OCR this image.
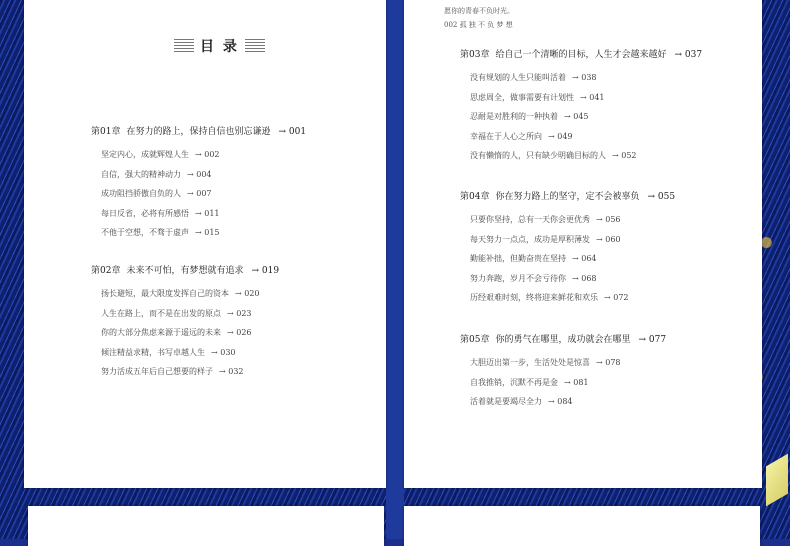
目 录
第01章 在努力的路上，保持自信也别忘谦逊 → 001
坚定内心，成就辉煌人生 → 002
自信，强大的精神动力 → 004
成功阻挡骄傲自负的人 → 007
每日反省，必将有所感悟 → 011
不他于空想，不骛于虚声 → 015
第02章 未来不可怕，有梦想就有追求 → 019
扬长避短，最大限度发挥自己的资本 → 020
人生在路上，而不是在出发的原点 → 023
你的大部分焦虑来源于遥远的未来 → 026
倾注精益求精，书写卓越人生 → 030
努力活成五年后自己想要的样子 → 032
愿你的青春不负时光。
002 孤 独 不 负 梦 想
第03章 给自己一个清晰的目标，人生才会越来越好 → 037
没有规划的人生只能叫活着 → 038
思虑周全，做事需要有计划性 → 041
忍耐是对胜利的一种执着 → 045
幸福在于人心之所向 → 049
没有懒惰的人，只有缺少明确目标的人 → 052
第04章 你在努力路上的坚守，定不会被辜负 → 055
只要你坚持，总有一天你会更优秀 → 056
每天努力一点点，成功是厚积薄发 → 060
勤能补拙，但勤奋贵在坚持 → 064
努力奔跑，岁月不会亏待你 → 068
历经艰难时刻，终将迎来鲜花和欢乐 → 072
第05章 你的勇气在哪里，成功就会在哪里 → 077
大胆迈出第一步，生活处处是惊喜 → 078
自我推销，沉默不再是金 → 081
活着就是要竭尽全力 → 084
